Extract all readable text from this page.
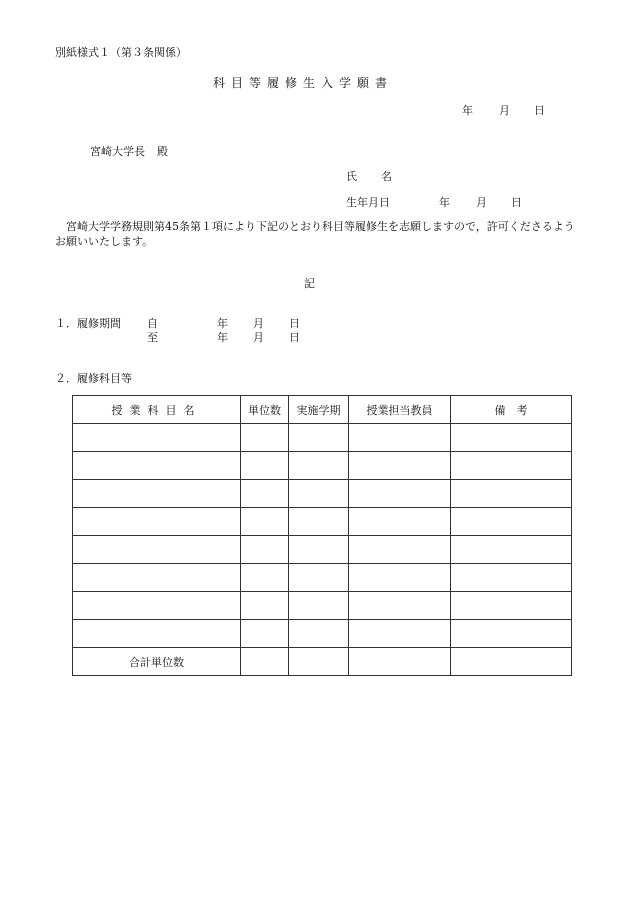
別紙様式１（第３条関係）
科目等履修生入学願書
年 月 日
宮崎大学長 殿
氏 名
生年月日	年 月 日
宮崎大学学務規則第45条第１項により下記のとおり科目等履修生を志願しますので，許可くださるようお願いいたします。
記
１．履修期間 自	年 月 日
至	年 月 日
２．履修科目等
授業科目名	単位数	実施学期	授業担当教員	備　考

合計単位数				
